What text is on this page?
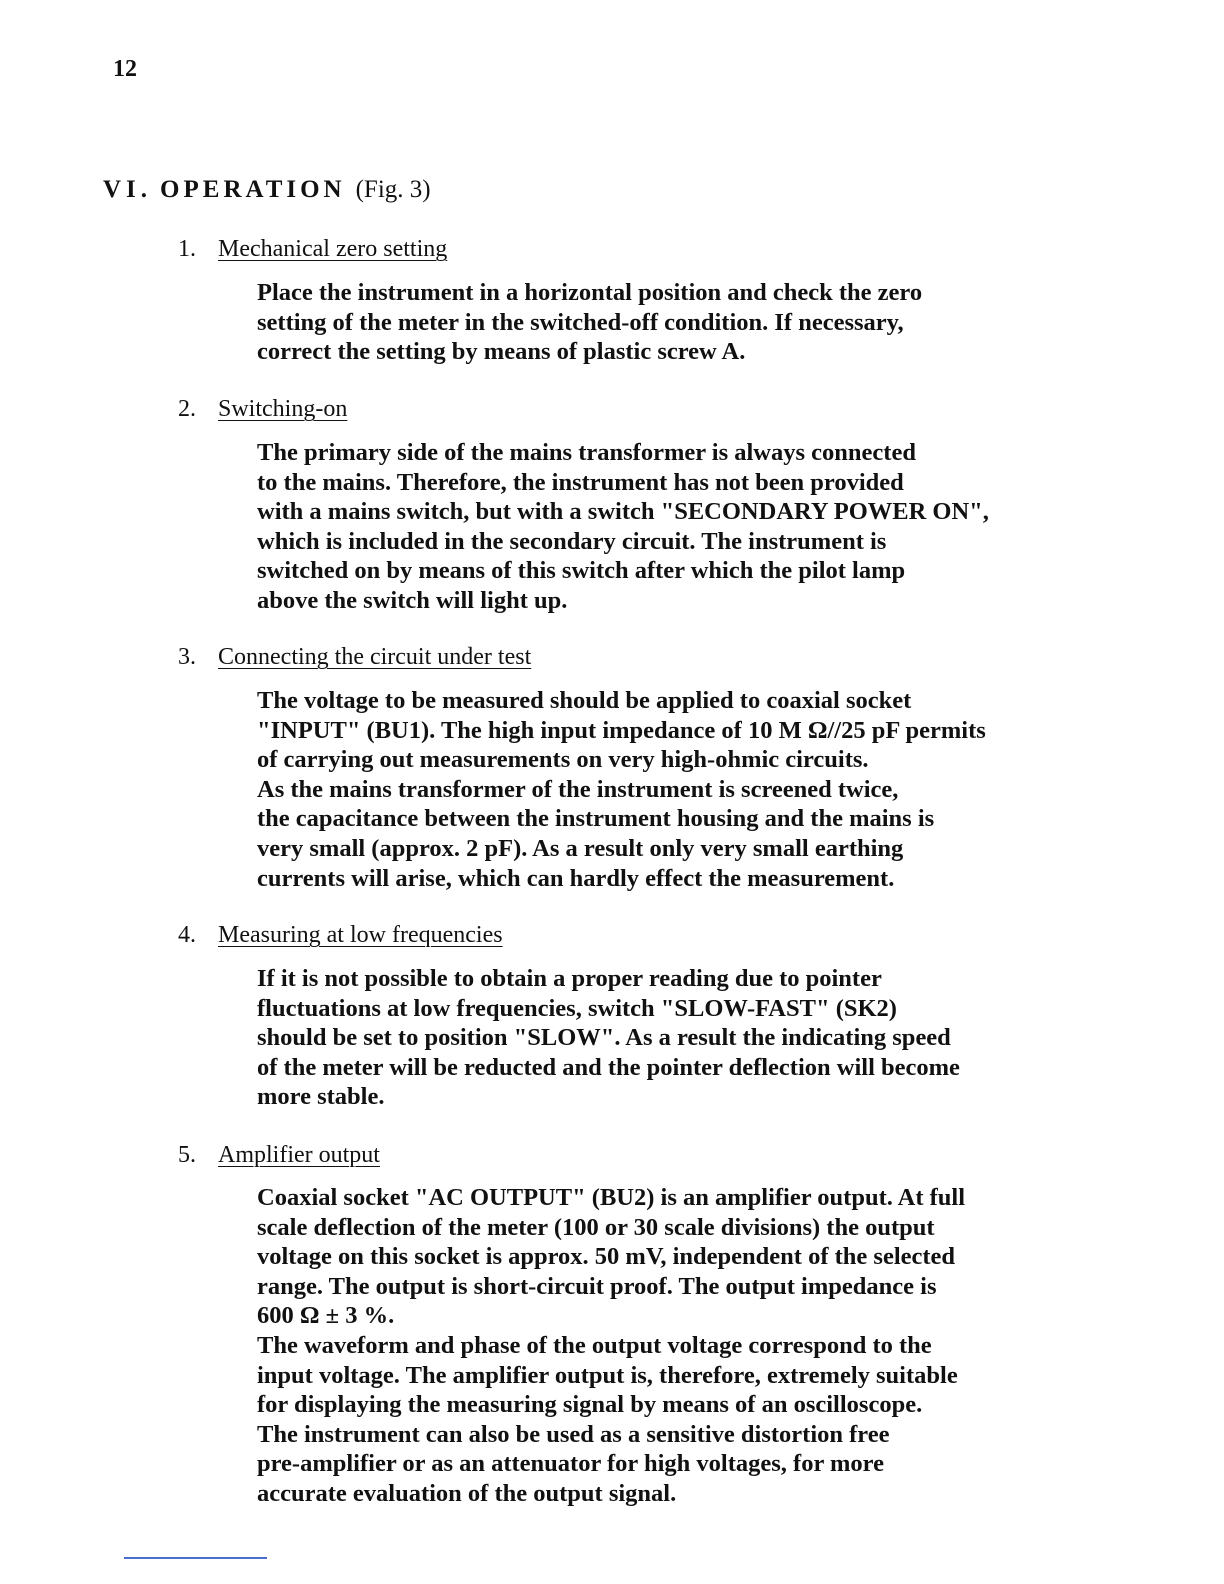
12
VI. OPERATION (Fig. 3)
1. Mechanical zero setting
Place the instrument in a horizontal position and check the zero
setting of the meter in the switched-off condition. If necessary,
correct the setting by means of plastic screw A.
2. Switching-on
The primary side of the mains transformer is always connected
to the mains. Therefore, the instrument has not been provided
with a mains switch, but with a switch "SECONDARY POWER ON",
which is included in the secondary circuit. The instrument is
switched on by means of this switch after which the pilot lamp
above the switch will light up.
3. Connecting the circuit under test
The voltage to be measured should be applied to coaxial socket
"INPUT" (BU1). The high input impedance of 10 M Ω//25 pF permits
of carrying out measurements on very high-ohmic circuits.
As the mains transformer of the instrument is screened twice,
the capacitance between the instrument housing and the mains is
very small (approx. 2 pF). As a result only very small earthing
currents will arise, which can hardly effect the measurement.
4. Measuring at low frequencies
If it is not possible to obtain a proper reading due to pointer
fluctuations at low frequencies, switch "SLOW-FAST" (SK2)
should be set to position "SLOW". As a result the indicating speed
of the meter will be reducted and the pointer deflection will become
more stable.
5. Amplifier output
Coaxial socket "AC OUTPUT" (BU2) is an amplifier output. At full
scale deflection of the meter (100 or 30 scale divisions) the output
voltage on this socket is approx. 50 mV, independent of the selected
range. The output is short-circuit proof. The output impedance is
600 Ω ± 3 %.
The waveform and phase of the output voltage correspond to the
input voltage. The amplifier output is, therefore, extremely suitable
for displaying the measuring signal by means of an oscilloscope.
The instrument can also be used as a sensitive distortion free
pre-amplifier or as an attenuator for high voltages, for more
accurate evaluation of the output signal.
